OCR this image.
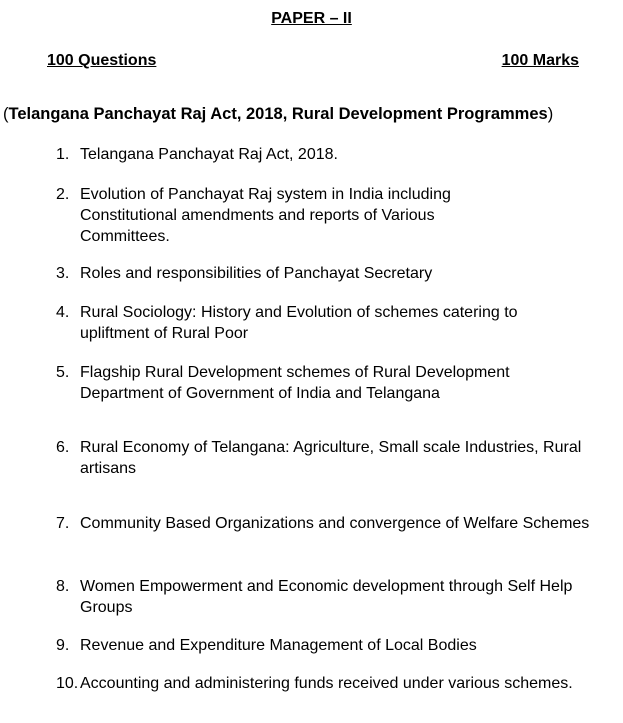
PAPER – II
100 Questions	100 Marks
(Telangana Panchayat Raj Act, 2018, Rural Development Programmes)
1. Telangana Panchayat Raj Act, 2018.
2. Evolution of Panchayat Raj system in India including Constitutional amendments and reports of Various Committees.
3. Roles and responsibilities of Panchayat Secretary
4. Rural Sociology: History and Evolution of schemes catering to upliftment of Rural Poor
5. Flagship Rural Development schemes of Rural Development Department of Government of India and Telangana
6. Rural Economy of Telangana: Agriculture, Small scale Industries, Rural artisans
7. Community Based Organizations and convergence of Welfare Schemes
8. Women Empowerment and Economic development through Self Help Groups
9. Revenue and Expenditure Management of Local Bodies
10. Accounting and administering funds received under various schemes.
